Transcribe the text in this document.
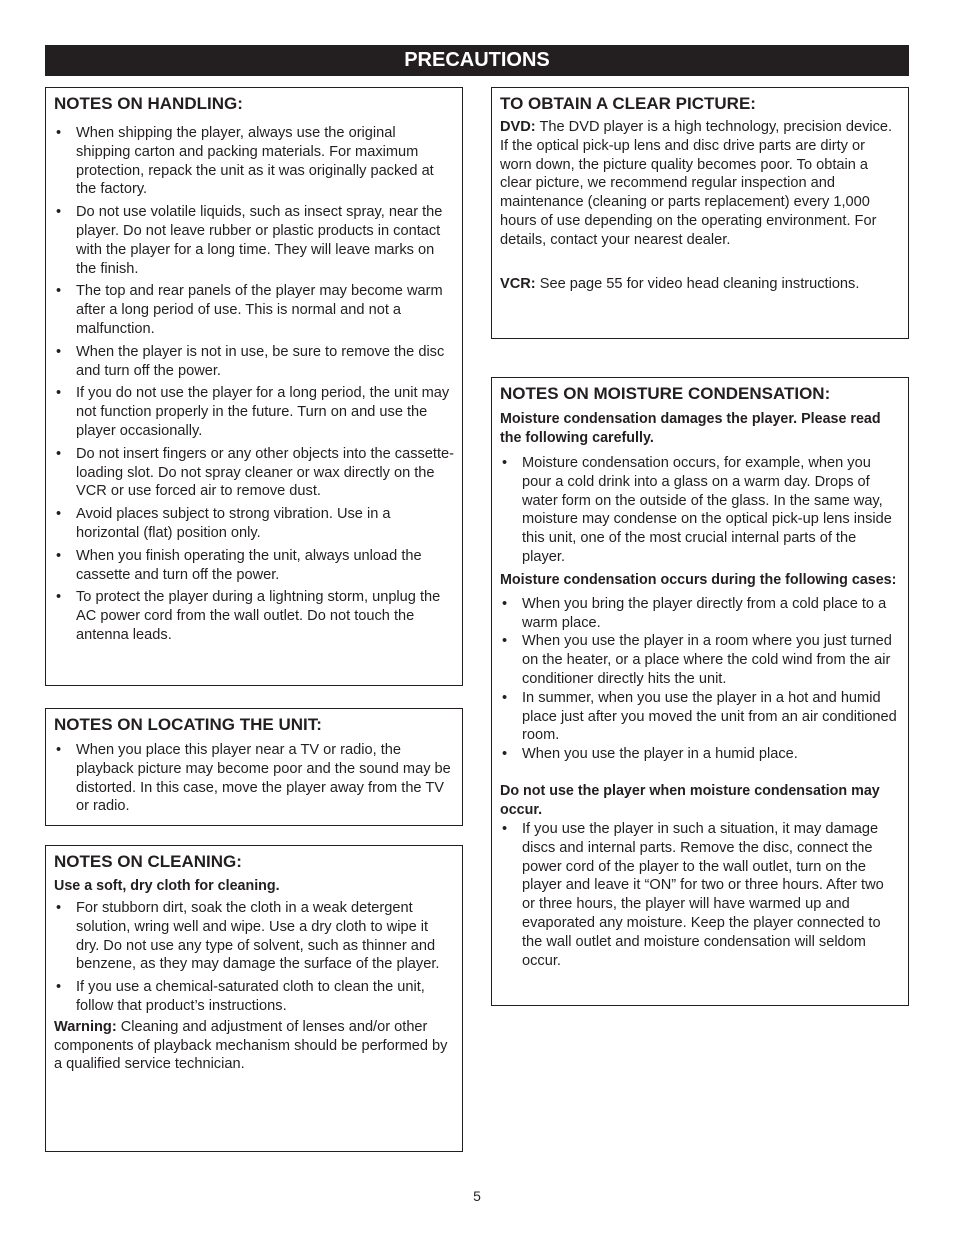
PRECAUTIONS
NOTES ON HANDLING:
• When shipping the player, always use the original shipping carton and packing materials. For maximum protection, repack the unit as it was originally packed at the factory.
• Do not use volatile liquids, such as insect spray, near the player. Do not leave rubber or plastic products in contact with the player for a long time. They will leave marks on the finish.
• The top and rear panels of the player may become warm after a long period of use. This is normal and not a malfunction.
• When the player is not in use, be sure to remove the disc and turn off the power.
• If you do not use the player for a long period, the unit may not function properly in the future. Turn on and use the player occasionally.
• Do not insert fingers or any other objects into the cassette-loading slot. Do not spray cleaner or wax directly on the VCR or use forced air to remove dust.
• Avoid places subject to strong vibration. Use in a horizontal (flat) position only.
• When you finish operating the unit, always unload the cassette and turn off the power.
• To protect the player during a lightning storm, unplug the AC power cord from the wall outlet. Do not touch the antenna leads.
NOTES ON LOCATING THE UNIT:
• When you place this player near a TV or radio, the playback picture may become poor and the sound may be distorted. In this case, move the player away from the TV or radio.
NOTES ON CLEANING:

Use a soft, dry cloth for cleaning.

• For stubborn dirt, soak the cloth in a weak detergent solution, wring well and wipe. Use a dry cloth to wipe it dry. Do not use any type of solvent, such as thinner and benzene, as they may damage the surface of the player.
• If you use a chemical-saturated cloth to clean the unit, follow that product’s instructions.

Warning: Cleaning and adjustment of lenses and/or other components of playback mechanism should be performed by a qualified service technician.

TO OBTAIN A CLEAR PICTURE:

DVD: The DVD player is a high technology, precision device. If the optical pick-up lens and disc drive parts are dirty or worn down, the picture quality becomes poor. To obtain a clear picture, we recommend regular inspection and maintenance (cleaning or parts replacement) every 1,000 hours of use depending on the operating environment. For details, contact your nearest dealer.

VCR: See page 55 for video head cleaning instructions.

NOTES ON MOISTURE CONDENSATION:

Moisture condensation damages the player. Please read the following carefully.

• Moisture condensation occurs, for example, when you pour a cold drink into a glass on a warm day. Drops of water form on the outside of the glass. In the same way, moisture may condense on the optical pick-up lens inside this unit, one of the most crucial internal parts of the player.

Moisture condensation occurs during the following cases:

• When you bring the player directly from a cold place to a warm place.
• When you use the player in a room where you just turned on the heater, or a place where the cold wind from the air conditioner directly hits the unit.
• In summer, when you use the player in a hot and humid place just after you moved the unit from an air conditioned room.
• When you use the player in a humid place.

Do not use the player when moisture condensation may occur.

• If you use the player in such a situation, it may damage discs and internal parts. Remove the disc, connect the power cord of the player to the wall outlet, turn on the player and leave it “ON” for two or three hours. After two or three hours, the player will have warmed up and evaporated any moisture. Keep the player connected to the wall outlet and moisture condensation will seldom occur.
5
